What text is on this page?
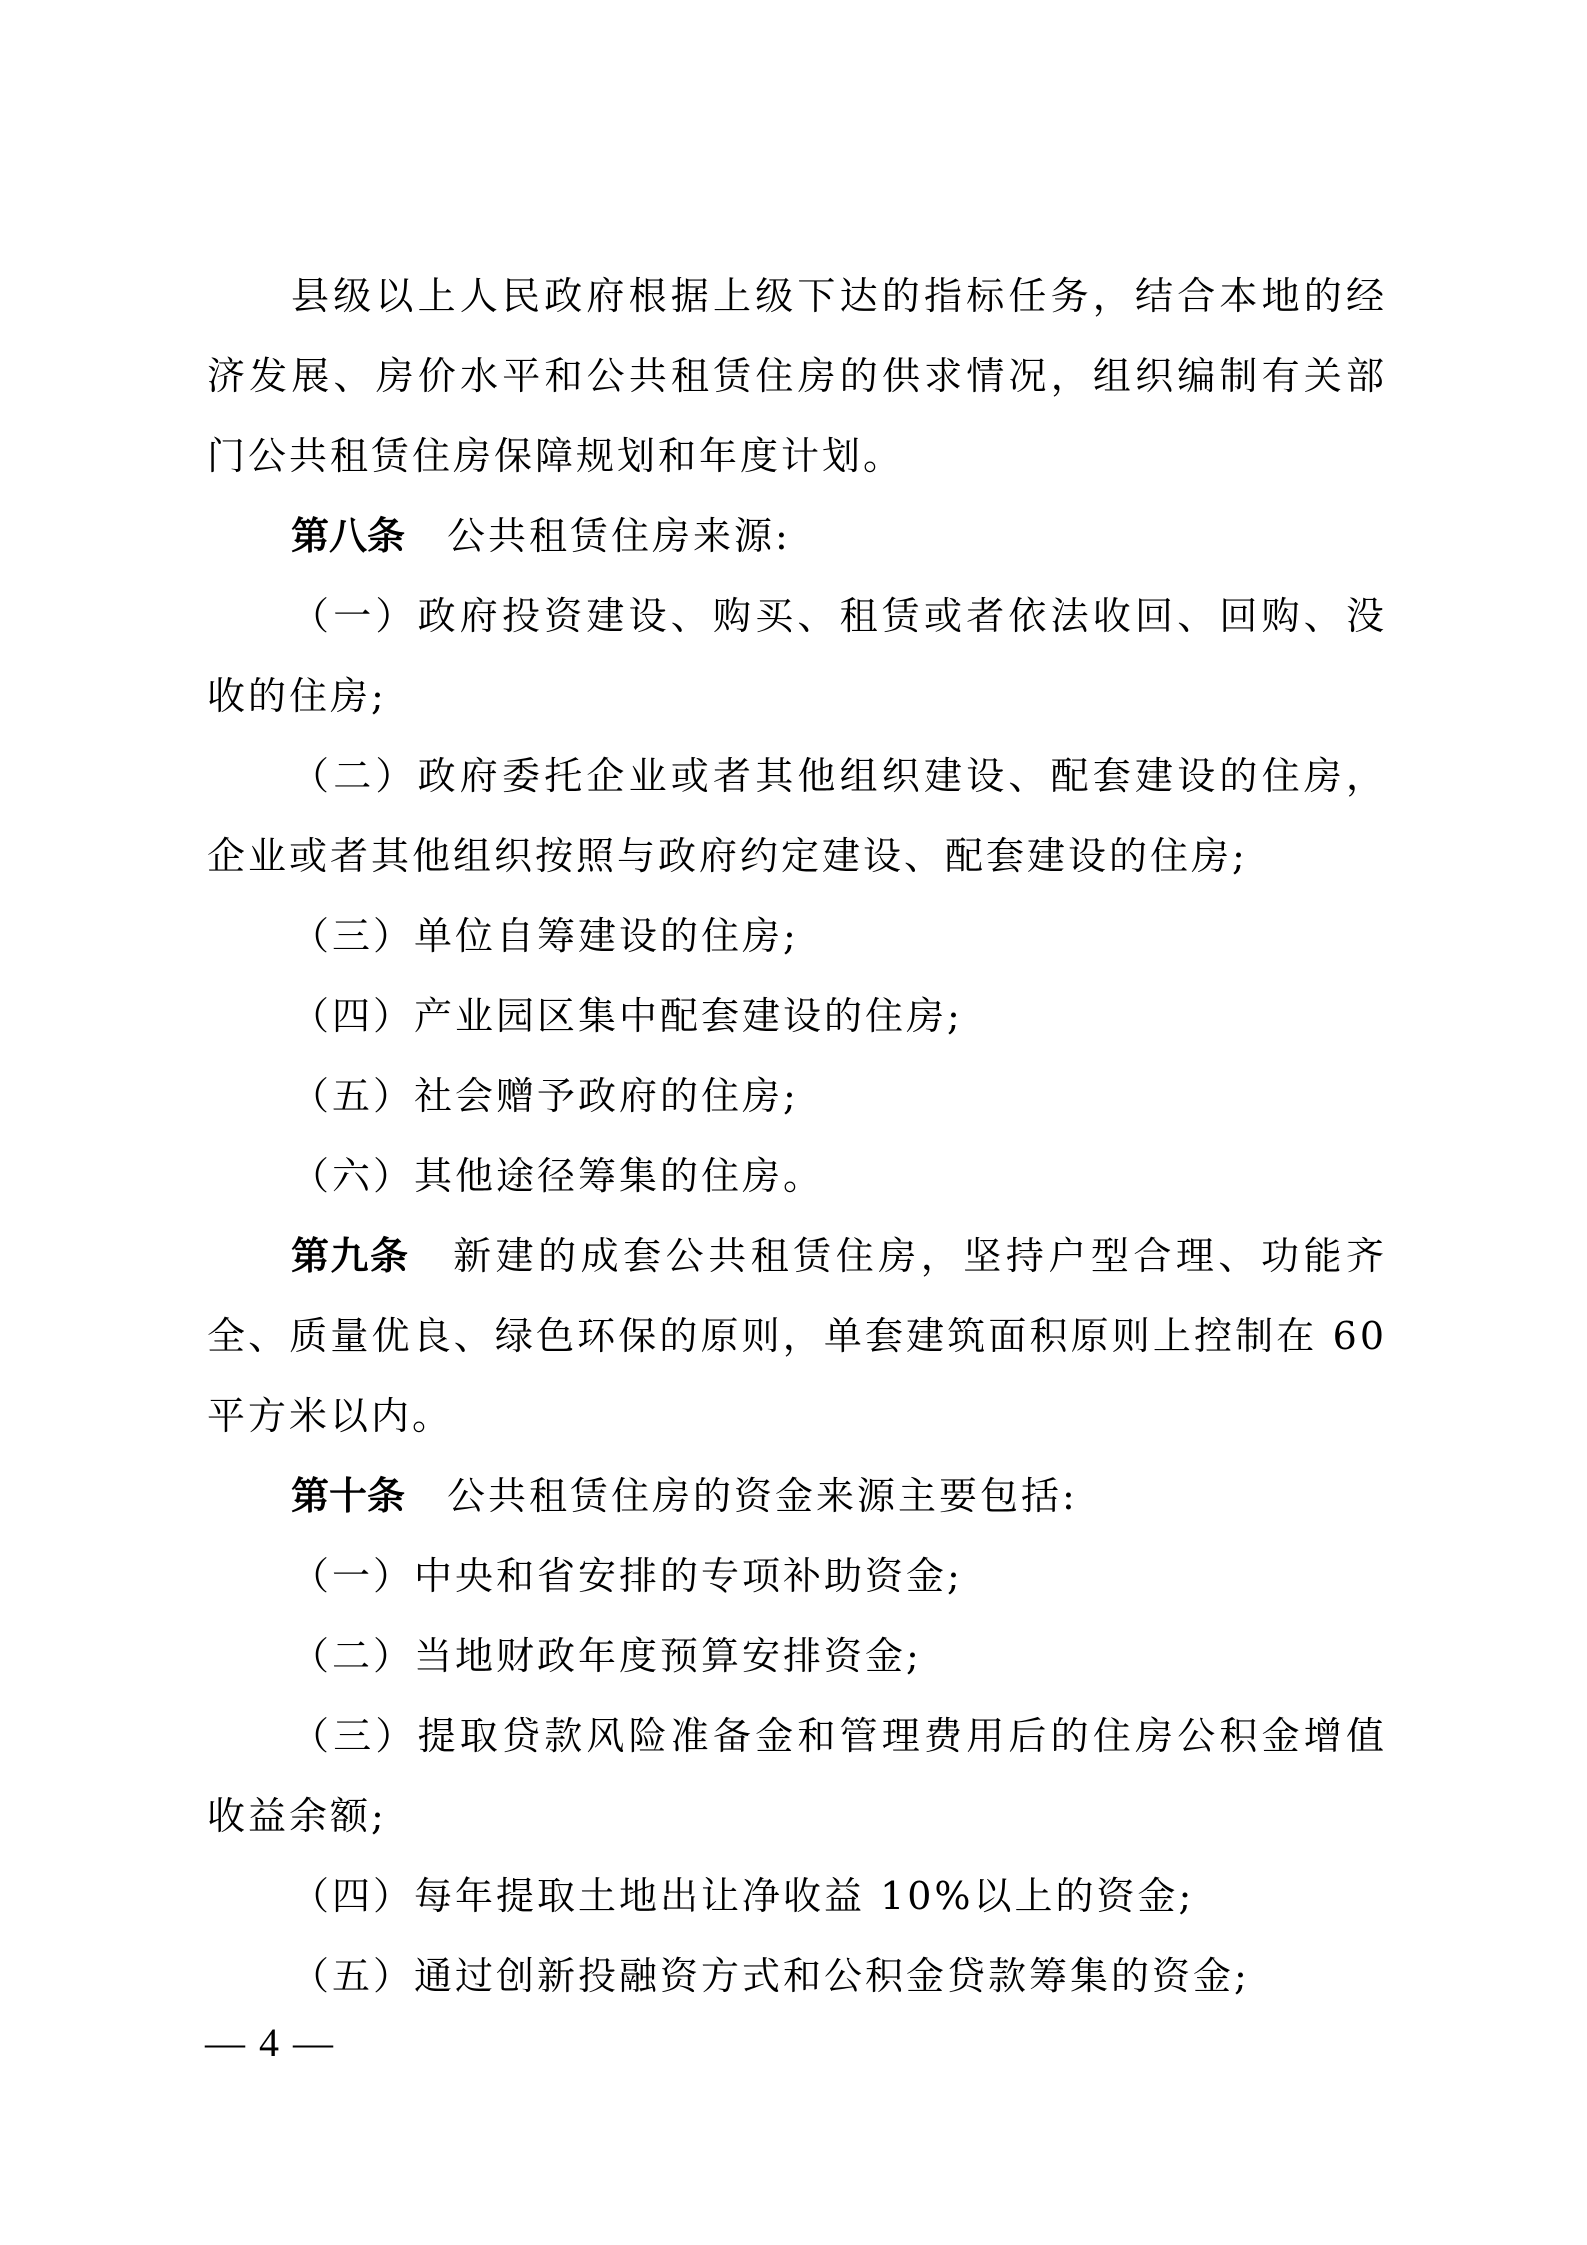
县级以上人民政府根据上级下达的指标任务，结合本地的经济发展、房价水平和公共租赁住房的供求情况，组织编制有关部门公共租赁住房保障规划和年度计划。

第八条 公共租赁住房来源:

（一）政府投资建设、购买、租赁或者依法收回、回购、没收的住房;

（二）政府委托企业或者其他组织建设、配套建设的住房，企业或者其他组织按照与政府约定建设、配套建设的住房;

（三）单位自筹建设的住房;

（四）产业园区集中配套建设的住房;

（五）社会赠予政府的住房;

（六）其他途径筹集的住房。

第九条 新建的成套公共租赁住房，坚持户型合理、功能齐全、质量优良、绿色环保的原则，单套建筑面积原则上控制在 60 平方米以内。

第十条 公共租赁住房的资金来源主要包括:

（一）中央和省安排的专项补助资金;

（二）当地财政年度预算安排资金;

（三）提取贷款风险准备金和管理费用后的住房公积金增值收益余额;

（四）每年提取土地出让净收益 10%以上的资金;

（五）通过创新投融资方式和公积金贷款筹集的资金;

— 4 —
